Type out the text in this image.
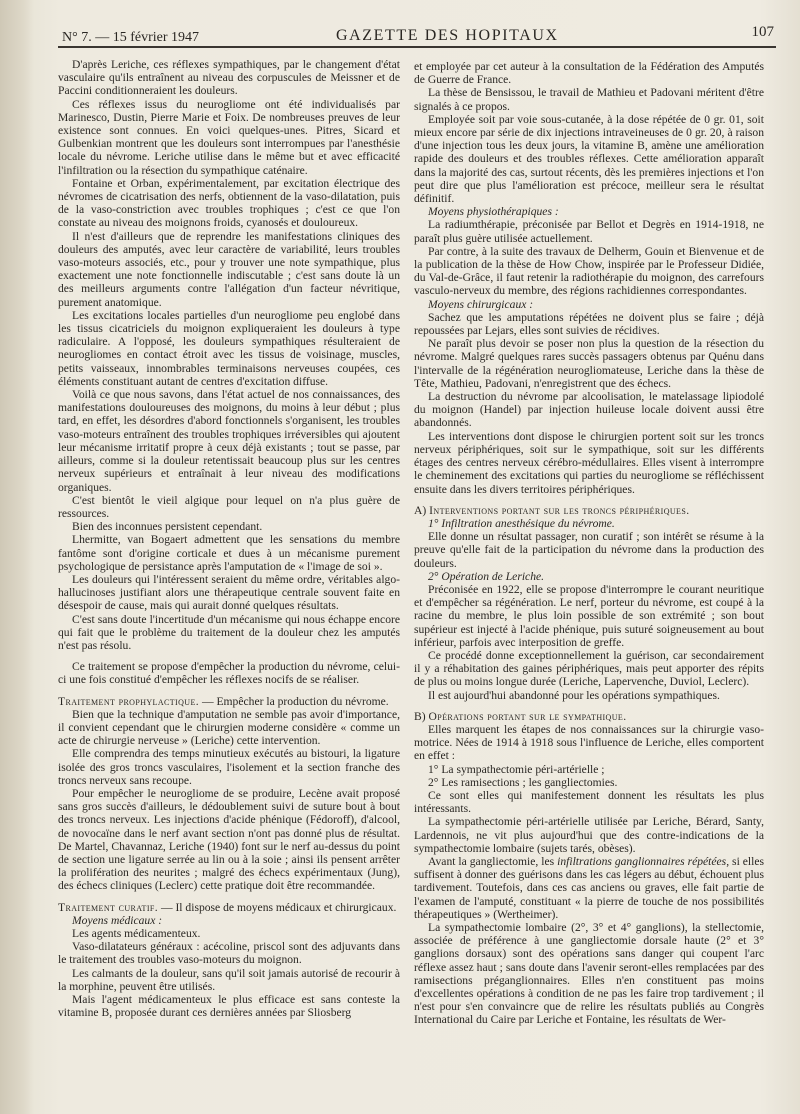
N° 7. — 15 février 1947	GAZETTE DES HOPITAUX	107

D'après Leriche, ces réflexes sympathiques, par le changement d'état vasculaire qu'ils entraînent au niveau des corpuscules de Meissner et de Paccini conditionneraient les douleurs.

Ces réflexes issus du neurogliome ont été individualisés par Marinesco, Dustin, Pierre Marie et Foix. De nombreuses preuves de leur existence sont connues. En voici quelques-unes. Pitres, Sicard et Gulbenkian montrent que les douleurs sont interrompues par l'anesthésie locale du névrome. Leriche utilise dans le même but et avec efficacité l'infiltration ou la résection du sympathique caténaire.

Fontaine et Orban, expérimentalement, par excitation électrique des névromes de cicatrisation des nerfs, obtiennent de la vaso-dilatation, puis de la vaso-constriction avec troubles trophiques ; c'est ce que l'on constate au niveau des moignons froids, cyanosés et douloureux.

Il n'est d'ailleurs que de reprendre les manifestations cliniques des douleurs des amputés, avec leur caractère de variabilité, leurs troubles vaso-moteurs associés, etc., pour y trouver une note sympathique, plus exactement une note fonctionnelle indiscutable ; c'est sans doute là un des meilleurs arguments contre l'allégation d'un facteur névritique, purement anatomique.

Les excitations locales partielles d'un neurogliome peu englobé dans les tissus cicatriciels du moignon expliqueraient les douleurs à type radiculaire. A l'opposé, les douleurs sympathiques résulteraient de neurogliomes en contact étroit avec les tissus de voisinage, muscles, petits vaisseaux, innombrables terminaisons nerveuses coupées, ces éléments constituant autant de centres d'excitation diffuse.

Voilà ce que nous savons, dans l'état actuel de nos connaissances, des manifestations douloureuses des moignons, du moins à leur début ; plus tard, en effet, les désordres d'abord fonctionnels s'organisent, les troubles vaso-moteurs entraînent des troubles trophiques irréversibles qui ajoutent leur mécanisme irritatif propre à ceux déjà existants ; tout se passe, par ailleurs, comme si la douleur retentissait beaucoup plus sur les centres nerveux supérieurs et entraînait à leur niveau des modifications organiques.

C'est bientôt le vieil algique pour lequel on n'a plus guère de ressources.

Bien des inconnues persistent cependant.

Lhermitte, van Bogaert admettent que les sensations du membre fantôme sont d'origine corticale et dues à un mécanisme purement psychologique de persistance après l'amputation de « l'image de soi ».

Les douleurs qui l'intéressent seraient du même ordre, véritables algo-hallucinoses justifiant alors une thérapeutique centrale souvent faite en désespoir de cause, mais qui aurait donné quelques résultats.

C'est sans doute l'incertitude d'un mécanisme qui nous échappe encore qui fait que le problème du traitement de la douleur chez les amputés n'est pas résolu.

Ce traitement se propose d'empêcher la production du névrome, celui-ci une fois constitué d'empêcher les réflexes nocifs de se réaliser.

Traitement prophylactique. — Empêcher la production du névrome.

Bien que la technique d'amputation ne semble pas avoir d'importance, il convient cependant que le chirurgien moderne considère « comme un acte de chirurgie nerveuse » (Leriche) cette intervention.

Elle comprendra des temps minutieux exécutés au bistouri, la ligature isolée des gros troncs vasculaires, l'isolement et la section franche des troncs nerveux sans recoupe.

Pour empêcher le neurogliome de se produire, Lecène avait proposé sans gros succès d'ailleurs, le dédoublement suivi de suture bout à bout des troncs nerveux. Les injections d'acide phénique (Fédoroff), d'alcool, de novocaïne dans le nerf avant section n'ont pas donné plus de résultat. De Martel, Chavannaz, Leriche (1940) font sur le nerf au-dessus du point de section une ligature serrée au lin ou à la soie ; ainsi ils pensent arrêter la prolifération des neurites ; malgré des échecs expérimentaux (Jung), des échecs cliniques (Leclerc) cette pratique doit être recommandée.

Traitement curatif. — Il dispose de moyens médicaux et chirurgicaux.

Moyens médicaux :

Les agents médicamenteux.

Vaso-dilatateurs généraux : acécoline, priscol sont des adjuvants dans le traitement des troubles vaso-moteurs du moignon.

Les calmants de la douleur, sans qu'il soit jamais autorisé de recourir à la morphine, peuvent être utilisés.

Mais l'agent médicamenteux le plus efficace est sans conteste la vitamine B, proposée durant ces dernières années par Sliosberg

et employée par cet auteur à la consultation de la Fédération des Amputés de Guerre de France.

La thèse de Bensissou, le travail de Mathieu et Padovani méritent d'être signalés à ce propos.

Employée soit par voie sous-cutanée, à la dose répétée de 0 gr. 01, soit mieux encore par série de dix injections intraveineuses de 0 gr. 20, à raison d'une injection tous les deux jours, la vitamine B, amène une amélioration rapide des douleurs et des troubles réflexes. Cette amélioration apparaît dans la majorité des cas, surtout récents, dès les premières injections et l'on peut dire que plus l'amélioration est précoce, meilleur sera le résultat définitif.

Moyens physiothérapiques :

La radiumthérapie, préconisée par Bellot et Degrès en 1914-1918, ne paraît plus guère utilisée actuellement.

Par contre, à la suite des travaux de Delherm, Gouin et Bienvenue et de la publication de la thèse de How Chow, inspirée par le Professeur Didiée, du Val-de-Grâce, il faut retenir la radiothérapie du moignon, des carrefours vasculo-nerveux du membre, des régions rachidiennes correspondantes.

Moyens chirurgicaux :

Sachez que les amputations répétées ne doivent plus se faire ; déjà repoussées par Lejars, elles sont suivies de récidives.

Ne paraît plus devoir se poser non plus la question de la résection du névrome. Malgré quelques rares succès passagers obtenus par Quénu dans l'intervalle de la régénération neurogliomateuse, Leriche dans la thèse de Tête, Mathieu, Padovani, n'enregistrent que des échecs.

La destruction du névrome par alcoolisation, le matelassage lipiodolé du moignon (Handel) par injection huileuse locale doivent aussi être abandonnés.

Les interventions dont dispose le chirurgien portent soit sur les troncs nerveux périphériques, soit sur le sympathique, soit sur les différents étages des centres nerveux cérébro-médullaires. Elles visent à interrompre le cheminement des excitations qui parties du neurogliome se réfléchissent ensuite dans les divers territoires périphériques.

A) Interventions portant sur les troncs périphériques.

1° Infiltration anesthésique du névrome.

Elle donne un résultat passager, non curatif ; son intérêt se résume à la preuve qu'elle fait de la participation du névrome dans la production des douleurs.

2° Opération de Leriche.

Préconisée en 1922, elle se propose d'interrompre le courant neuritique et d'empêcher sa régénération. Le nerf, porteur du névrome, est coupé à la racine du membre, le plus loin possible de son extrémité ; son bout supérieur est injecté à l'acide phénique, puis suturé soigneusement au bout inférieur, parfois avec interposition de greffe.

Ce procédé donne exceptionnellement la guérison, car secondairement il y a réhabitation des gaines périphériques, mais peut apporter des répits de plus ou moins longue durée (Leriche, Lapervenche, Duviol, Leclerc).

Il est aujourd'hui abandonné pour les opérations sympathiques.

B) Opérations portant sur le sympathique.

Elles marquent les étapes de nos connaissances sur la chirurgie vaso-motrice. Nées de 1914 à 1918 sous l'influence de Leriche, elles comportent en effet :

1° La sympathectomie péri-artérielle ;

2° Les ramisections ; les gangliectomies.

Ce sont elles qui manifestement donnent les résultats les plus intéressants.

La sympathectomie péri-artérielle utilisée par Leriche, Bérard, Santy, Lardennois, ne vit plus aujourd'hui que des contre-indications de la sympathectomie lombaire (sujets tarés, obèses).

Avant la gangliectomie, les infiltrations ganglionnaires répétées, si elles suffisent à donner des guérisons dans les cas légers au début, échouent plus tardivement. Toutefois, dans ces cas anciens ou graves, elle fait partie de l'examen de l'amputé, constituant « la pierre de touche de nos possibilités thérapeutiques » (Wertheimer).

La sympathectomie lombaire (2°, 3° et 4° ganglions), la stellectomie, associée de préférence à une gangliectomie dorsale haute (2° et 3° ganglions dorsaux) sont des opérations sans danger qui coupent l'arc réflexe assez haut ; sans doute dans l'avenir seront-elles remplacées par des ramisections préganglionnaires. Elles n'en constituent pas moins d'excellentes opérations à condition de ne pas les faire trop tardivement ; il n'est pour s'en convaincre que de relire les résultats publiés au Congrès International du Caire par Leriche et Fontaine, les résultats de Wer-
